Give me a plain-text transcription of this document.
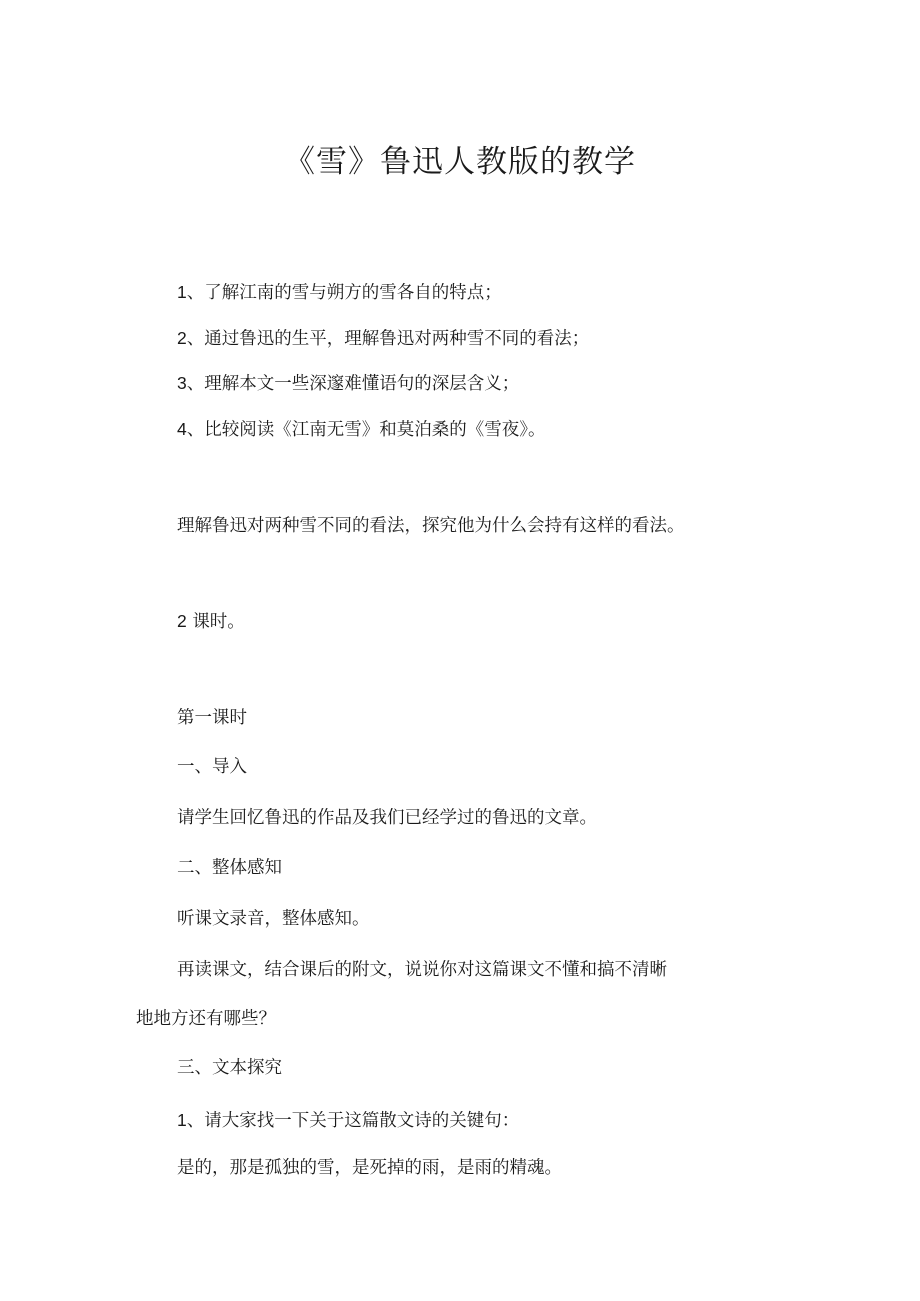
《雪》鲁迅人教版的教学
1、了解江南的雪与朔方的雪各自的特点；
2、通过鲁迅的生平，理解鲁迅对两种雪不同的看法；
3、理解本文一些深邃难懂语句的深层含义；
4、比较阅读《江南无雪》和莫泊桑的《雪夜》。
理解鲁迅对两种雪不同的看法，探究他为什么会持有这样的看法。
2 课时。
第一课时
一、导入
请学生回忆鲁迅的作品及我们已经学过的鲁迅的文章。
二、整体感知
听课文录音，整体感知。
再读课文，结合课后的附文，说说你对这篇课文不懂和搞不清晰
地地方还有哪些？
三、文本探究
1、请大家找一下关于这篇散文诗的关键句：
是的，那是孤独的雪，是死掉的雨，是雨的精魂。
